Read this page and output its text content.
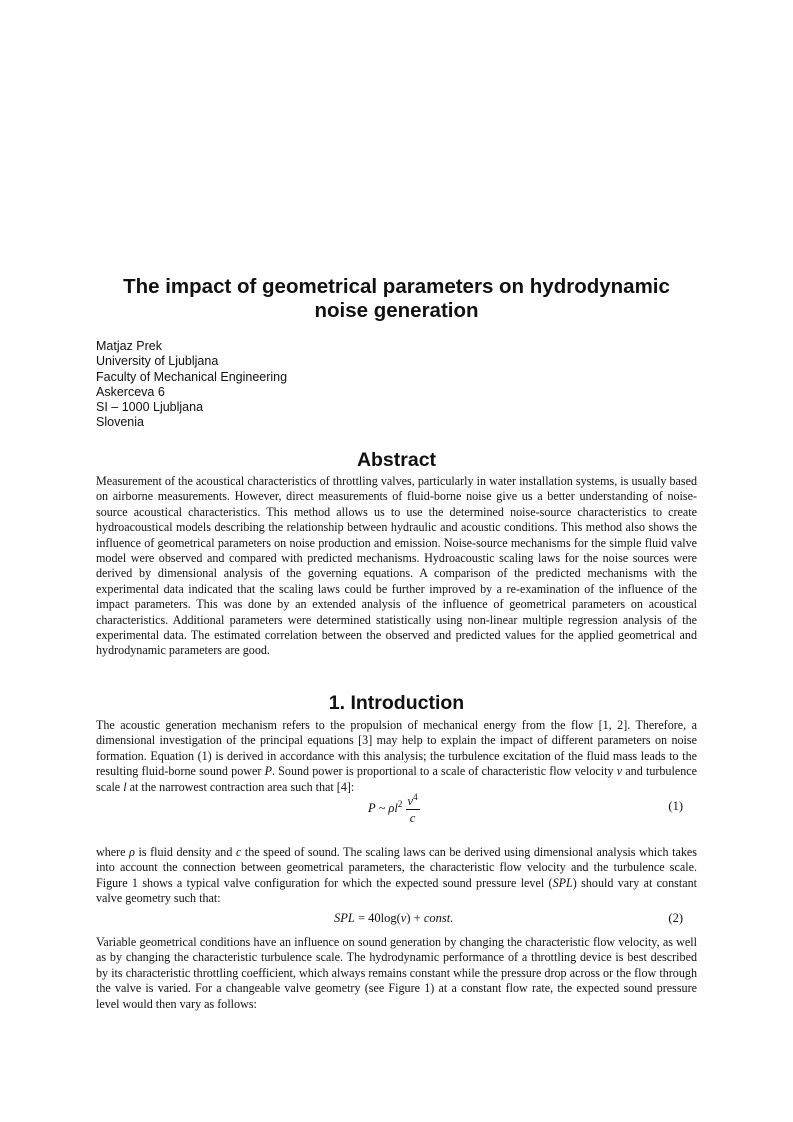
The impact of geometrical parameters on hydrodynamic noise generation
Matjaz Prek
University of Ljubljana
Faculty of Mechanical Engineering
Askerceva 6
SI – 1000 Ljubljana
Slovenia
Abstract

Measurement of the acoustical characteristics of throttling valves, particularly in water installation systems, is usually based on airborne measurements. However, direct measurements of fluid-borne noise give us a better understanding of noise-source acoustical characteristics. This method allows us to use the determined noise-source characteristics to create hydroacoustical models describing the relationship between hydraulic and acoustic conditions. This method also shows the influence of geometrical parameters on noise production and emission. Noise-source mechanisms for the simple fluid valve model were observed and compared with predicted mechanisms. Hydroacoustic scaling laws for the noise sources were derived by dimensional analysis of the governing equations. A comparison of the predicted mechanisms with the experimental data indicated that the scaling laws could be further improved by a re-examination of the influence of the impact parameters. This was done by an extended analysis of the influence of geometrical parameters on acoustical characteristics. Additional parameters were determined statistically using non-linear multiple regression analysis of the experimental data. The estimated correlation between the observed and predicted values for the applied geometrical and hydrodynamic parameters are good.

1. Introduction

The acoustic generation mechanism refers to the propulsion of mechanical energy from the flow [1, 2]. Therefore, a dimensional investigation of the principal equations [3] may help to explain the impact of different parameters on noise formation. Equation (1) is derived in accordance with this analysis; the turbulence excitation of the fluid mass leads to the resulting fluid-borne sound power P. Sound power is proportional to a scale of characteristic flow velocity v and turbulence scale l at the narrowest contraction area such that [4]:

P ~ $\rho l^2 \frac{v^4}{c}$	(1)

where ρ is fluid density and c the speed of sound. The scaling laws can be derived using dimensional analysis which takes into account the connection between geometrical parameters, the characteristic flow velocity and the turbulence scale. Figure 1 shows a typical valve configuration for which the expected sound pressure level (SPL) should vary at constant valve geometry such that:

SPL = 40log(v) + const.	(2)

Variable geometrical conditions have an influence on sound generation by changing the characteristic flow velocity, as well as by changing the characteristic turbulence scale. The hydrodynamic performance of a throttling device is best described by its characteristic throttling coefficient, which always remains constant while the pressure drop across or the flow through the valve is varied. For a changeable valve geometry (see Figure 1) at a constant flow rate, the expected sound pressure level would then vary as follows:
